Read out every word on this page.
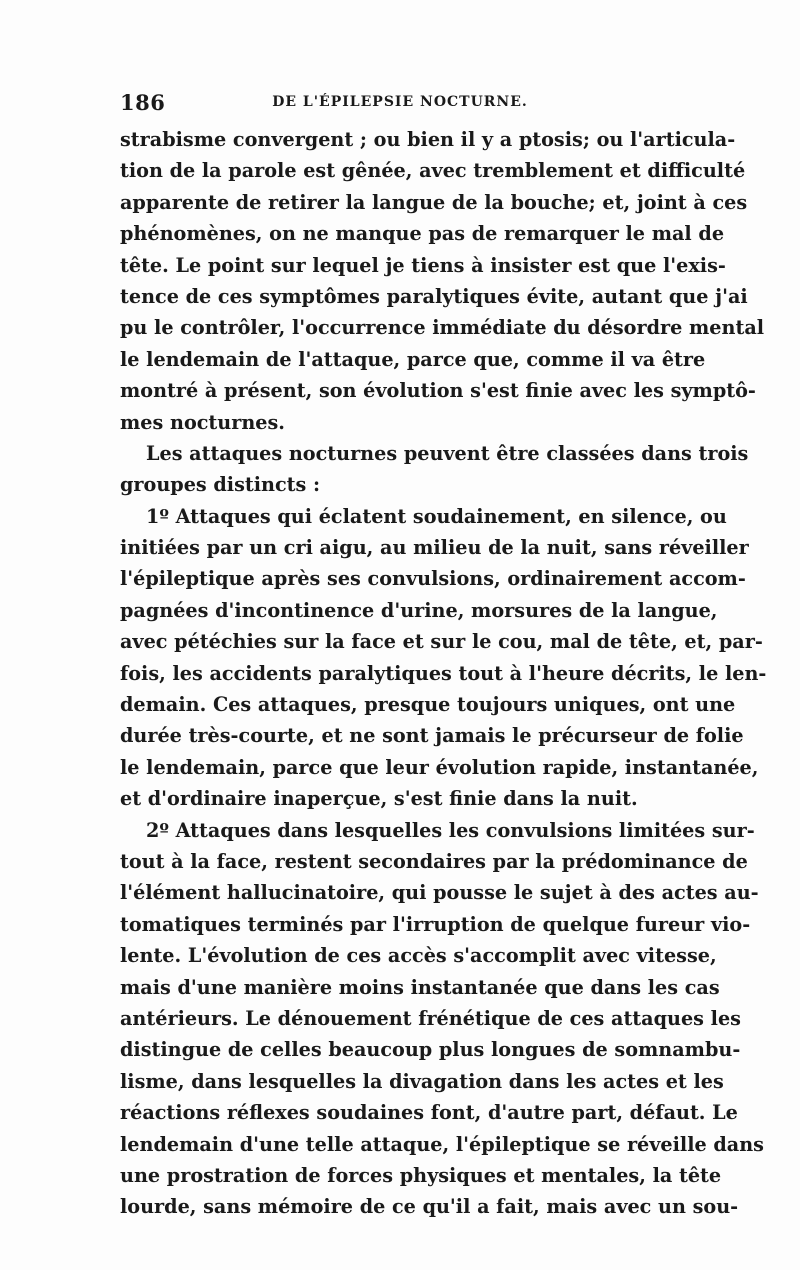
186	DE L'ÉPILEPSIE NOCTURNE.
strabisme convergent ; ou bien il y a ptosis; ou l'articula-
tion de la parole est gênée, avec tremblement et difficulté
apparente de retirer la langue de la bouche; et, joint à ces
phénomènes, on ne manque pas de remarquer le mal de
tête. Le point sur lequel je tiens à insister est que l'exis-
tence de ces symptômes paralytiques évite, autant que j'ai
pu le contrôler, l'occurrence immédiate du désordre mental
le lendemain de l'attaque, parce que, comme il va être
montré à présent, son évolution s'est finie avec les symptô-
mes nocturnes.
Les attaques nocturnes peuvent être classées dans trois
groupes distincts :
1º Attaques qui éclatent soudainement, en silence, ou
initiées par un cri aigu, au milieu de la nuit, sans réveiller
l'épileptique après ses convulsions, ordinairement accom-
pagnées d'incontinence d'urine, morsures de la langue,
avec pétéchies sur la face et sur le cou, mal de tête, et, par-
fois, les accidents paralytiques tout à l'heure décrits, le len-
demain. Ces attaques, presque toujours uniques, ont une
durée très-courte, et ne sont jamais le précurseur de folie
le lendemain, parce que leur évolution rapide, instantanée,
et d'ordinaire inaperçue, s'est finie dans la nuit.
2º Attaques dans lesquelles les convulsions limitées sur-
tout à la face, restent secondaires par la prédominance de
l'élément hallucinatoire, qui pousse le sujet à des actes au-
tomatiques terminés par l'irruption de quelque fureur vio-
lente. L'évolution de ces accès s'accomplit avec vitesse,
mais d'une manière moins instantanée que dans les cas
antérieurs. Le dénouement frénétique de ces attaques les
distingue de celles beaucoup plus longues de somnambu-
lisme, dans lesquelles la divagation dans les actes et les
réactions réflexes soudaines font, d'autre part, défaut. Le
lendemain d'une telle attaque, l'épileptique se réveille dans
une prostration de forces physiques et mentales, la tête
lourde, sans mémoire de ce qu'il a fait, mais avec un sou-
